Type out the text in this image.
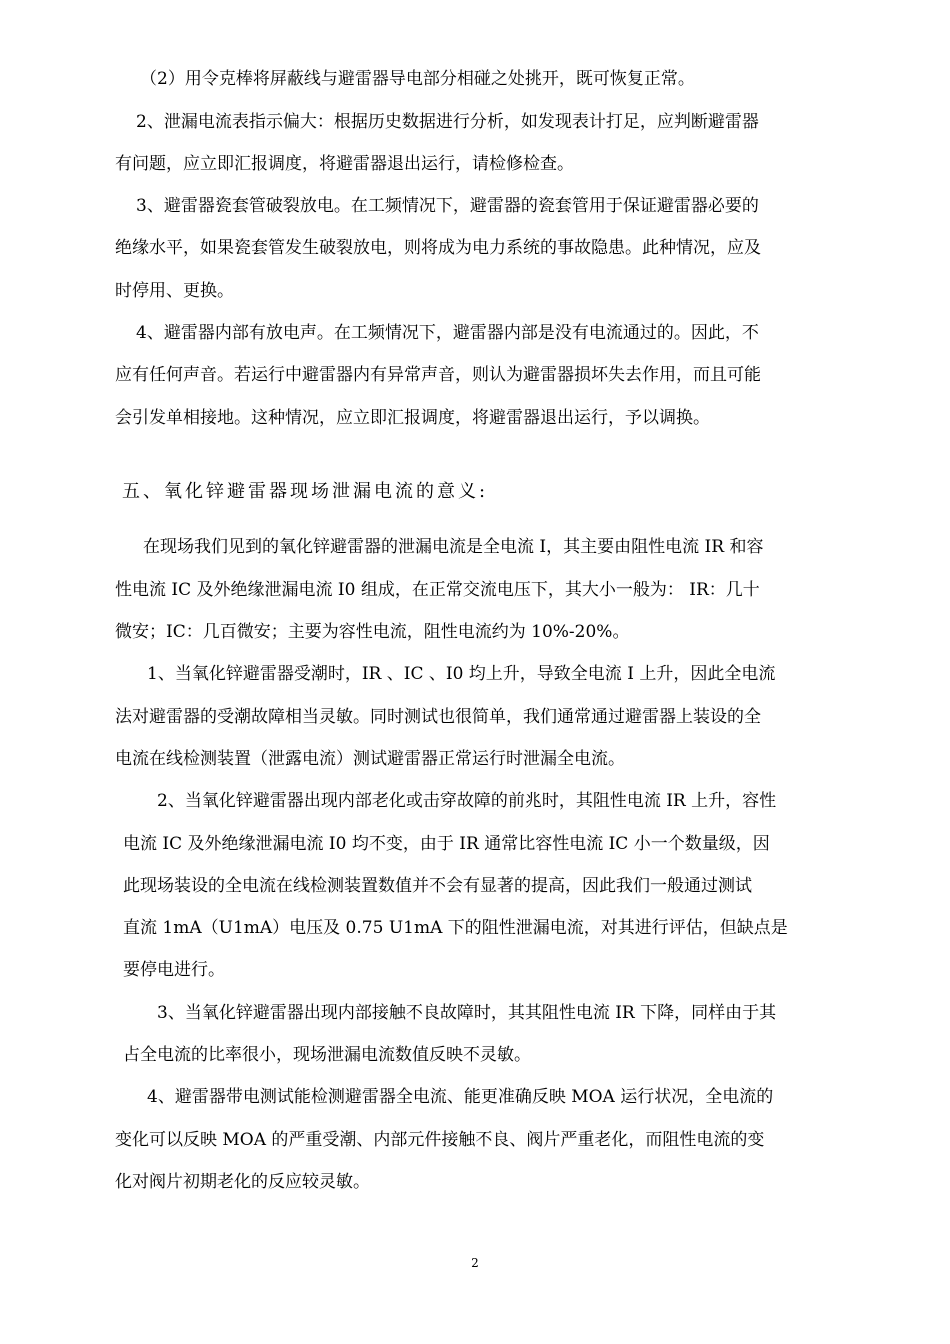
（2）用令克棒将屏蔽线与避雷器导电部分相碰之处挑开，既可恢复正常。
2、泄漏电流表指示偏大：根据历史数据进行分析，如发现表计打足，应判断避雷器
有问题，应立即汇报调度，将避雷器退出运行，请检修检查。
3、避雷器瓷套管破裂放电。在工频情况下，避雷器的瓷套管用于保证避雷器必要的
绝缘水平，如果瓷套管发生破裂放电，则将成为电力系统的事故隐患。此种情况，应及
时停用、更换。
4、避雷器内部有放电声。在工频情况下，避雷器内部是没有电流通过的。因此，不
应有任何声音。若运行中避雷器内有异常声音，则认为避雷器损坏失去作用，而且可能
会引发单相接地。这种情况，应立即汇报调度，将避雷器退出运行，予以调换。
五、氧化锌避雷器现场泄漏电流的意义:
在现场我们见到的氧化锌避雷器的泄漏电流是全电流 I，其主要由阻性电流 IR 和容
性电流 IC 及外绝缘泄漏电流 I0 组成，在正常交流电压下，其大小一般为： IR：几十
微安；IC：几百微安；主要为容性电流，阻性电流约为 10%-20%。
1、当氧化锌避雷器受潮时，IR 、IC 、I0 均上升，导致全电流 I 上升，因此全电流
法对避雷器的受潮故障相当灵敏。同时测试也很简单，我们通常通过避雷器上装设的全
电流在线检测装置（泄露电流）测试避雷器正常运行时泄漏全电流。
2、当氧化锌避雷器出现内部老化或击穿故障的前兆时，其阻性电流 IR 上升，容性
电流 IC 及外绝缘泄漏电流 I0 均不变，由于 IR 通常比容性电流 IC 小一个数量级，因
此现场装设的全电流在线检测装置数值并不会有显著的提高，因此我们一般通过测试
直流 1mA（U1mA）电压及 0.75 U1mA 下的阻性泄漏电流，对其进行评估，但缺点是
要停电进行。
3、当氧化锌避雷器出现内部接触不良故障时，其其阻性电流 IR 下降，同样由于其
占全电流的比率很小，现场泄漏电流数值反映不灵敏。
4、避雷器带电测试能检测避雷器全电流、能更准确反映 MOA 运行状况，全电流的
变化可以反映 MOA 的严重受潮、内部元件接触不良、阀片严重老化，而阻性电流的变
化对阀片初期老化的反应较灵敏。
2
